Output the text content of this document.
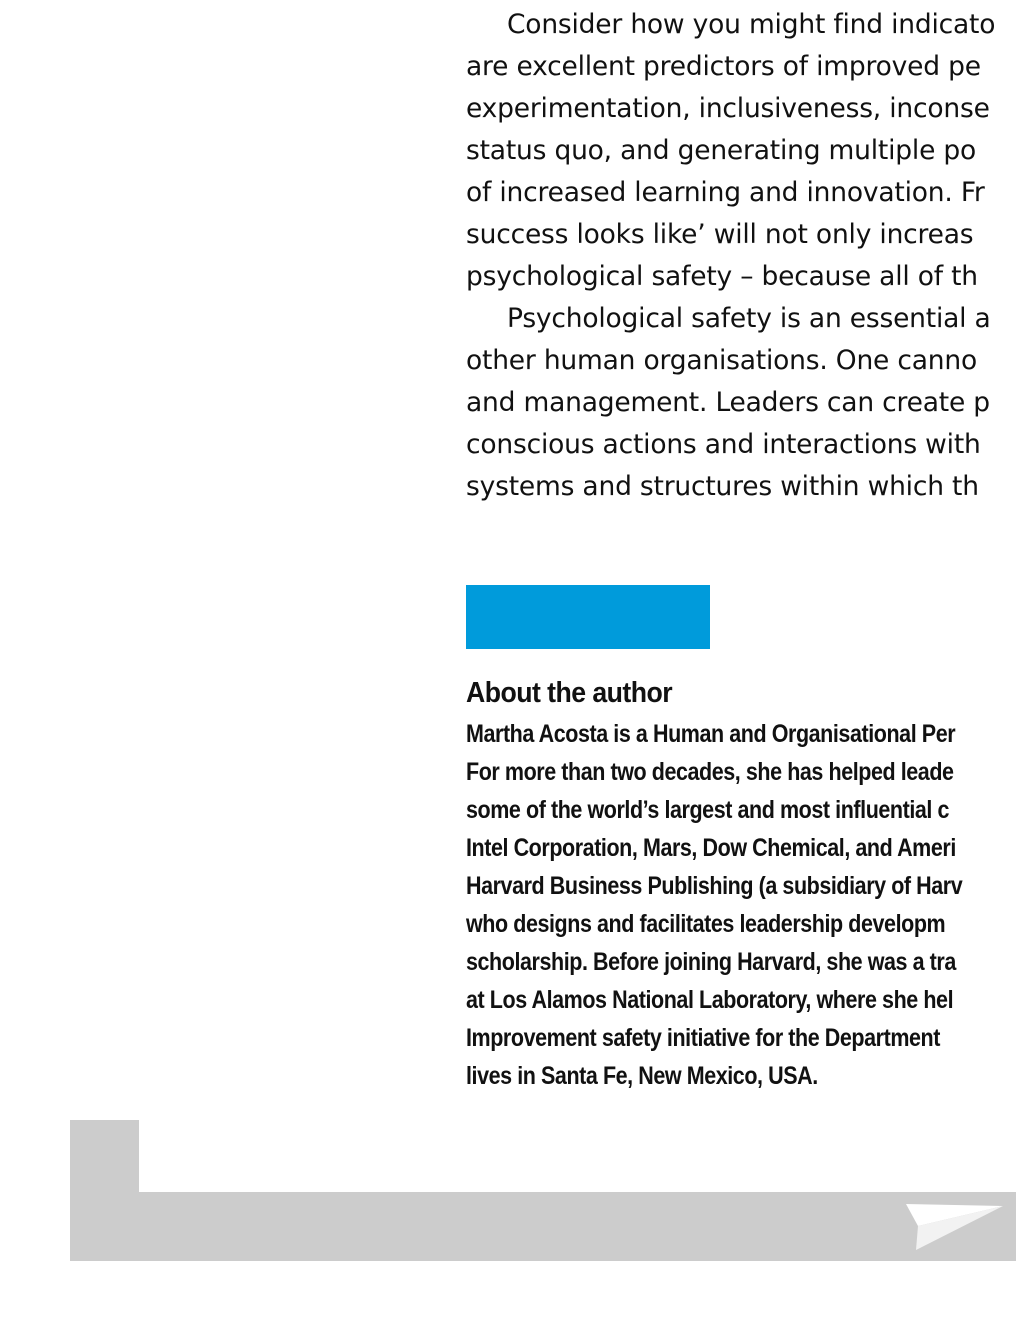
Consider how you might find indicato
are excellent predictors of improved pe
experimentation, inclusiveness, inconse
status quo, and generating multiple po
of increased learning and innovation. Fr
success looks like’ will not only increas
psychological safety – because all of th
Psychological safety is an essential a
other human organisations. One canno
and management. Leaders can create p
conscious actions and interactions with
systems and structures within which th
About the author
Martha Acosta is a Human and Organisational Per
For more than two decades, she has helped leade
some of the world’s largest and most influential c
Intel Corporation, Mars, Dow Chemical, and Ameri
Harvard Business Publishing (a subsidiary of Harv
who designs and facilitates leadership developm
scholarship. Before joining Harvard, she was a tra
at Los Alamos National Laboratory, where she hel
Improvement safety initiative for the Department
lives in Santa Fe, New Mexico, USA.
